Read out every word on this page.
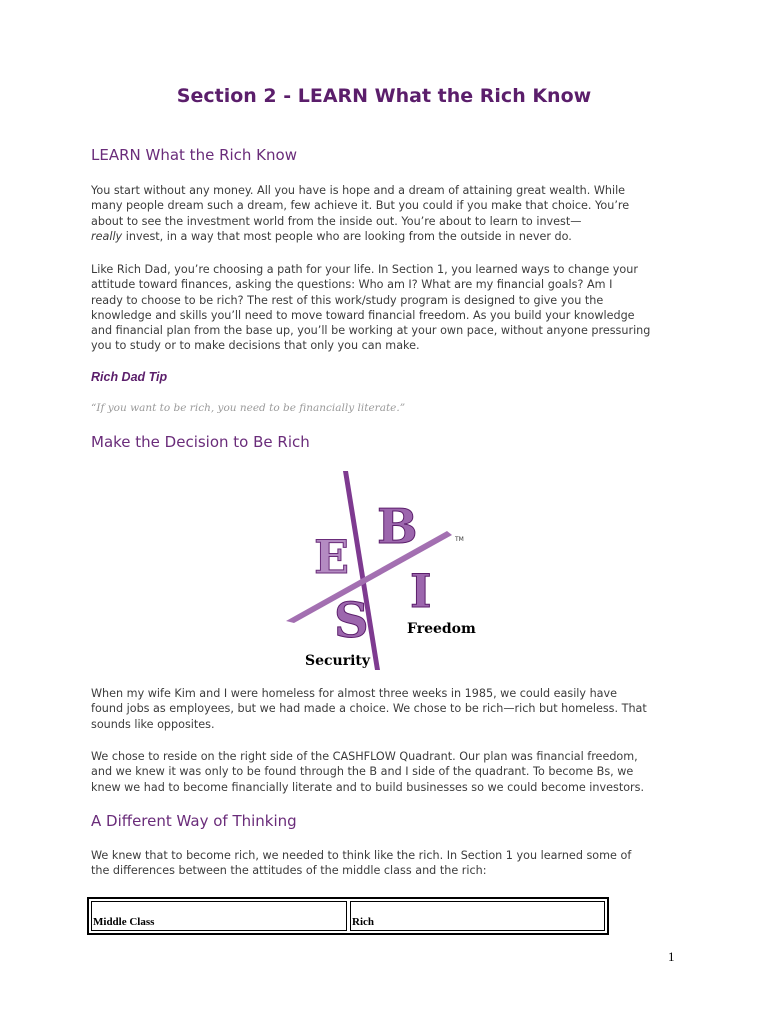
Section 2 - LEARN What the Rich Know
LEARN What the Rich Know
You start without any money. All you have is hope and a dream of attaining great wealth. While
many people dream such a dream, few achieve it. But you could if you make that choice. You’re
about to see the investment world from the inside out. You’re about to learn to invest—
really invest, in a way that most people who are looking from the outside in never do.
Like Rich Dad, you’re choosing a path for your life. In Section 1, you learned ways to change your
attitude toward finances, asking the questions: Who am I? What are my financial goals? Am I
ready to choose to be rich? The rest of this work/study program is designed to give you the
knowledge and skills you’ll need to move toward financial freedom. As you build your knowledge
and financial plan from the base up, you’ll be working at your own pace, without anyone pressuring
you to study or to make decisions that only you can make.

Rich Dad Tip

“If you want to be rich, you need to be financially literate.”

Make the Decision to Be Rich
E
B
S
I
TM
Freedom
Security
When my wife Kim and I were homeless for almost three weeks in 1985, we could easily have
found jobs as employees, but we had made a choice. We chose to be rich—rich but homeless. That
sounds like opposites.
We chose to reside on the right side of the CASHFLOW Quadrant. Our plan was financial freedom,
and we knew it was only to be found through the B and I side of the quadrant. To become Bs, we
knew we had to become financially literate and to build businesses so we could become investors.
A Different Way of Thinking
We knew that to become rich, we needed to think like the rich. In Section 1 you learned some of
the differences between the attitudes of the middle class and the rich:
Middle Class	Rich

1
